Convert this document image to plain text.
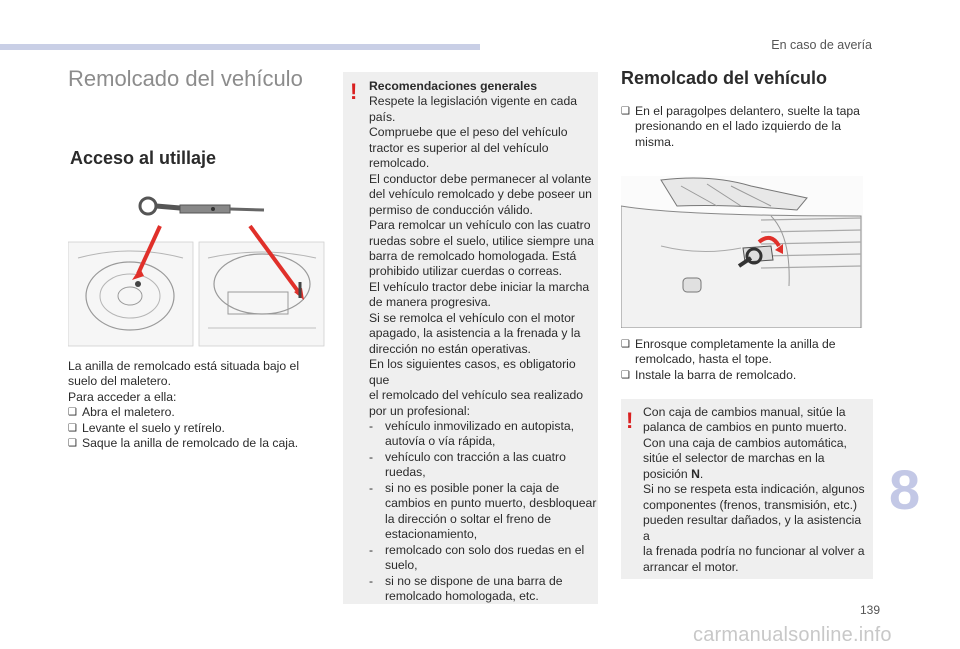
En caso de avería
Remolcado del vehículo
Acceso al utillaje
La anilla de remolcado está situada bajo el
suelo del maletero.
Para acceder a ella:
❑ Abra el maletero.
❑ Levante el suelo y retírelo.
❑ Saque la anilla de remolcado de la caja.
! Recomendaciones generales
Respete la legislación vigente en cada
país.
Compruebe que el peso del vehículo
tractor es superior al del vehículo
remolcado.
El conductor debe permanecer al volante
del vehículo remolcado y debe poseer un
permiso de conducción válido.
Para remolcar un vehículo con las cuatro
ruedas sobre el suelo, utilice siempre una
barra de remolcado homologada. Está
prohibido utilizar cuerdas o correas.
El vehículo tractor debe iniciar la marcha
de manera progresiva.
Si se remolca el vehículo con el motor
apagado, la asistencia a la frenada y la
dirección no están operativas.
En los siguientes casos, es obligatorio que
el remolcado del vehículo sea realizado
por un profesional:
- vehículo inmovilizado en autopista,
autovía o vía rápida,
- vehículo con tracción a las cuatro
ruedas,
- si no es posible poner la caja de
cambios en punto muerto, desbloquear
la dirección o soltar el freno de
estacionamiento,
- remolcado con solo dos ruedas en el
suelo,
- si no se dispone de una barra de
remolcado homologada, etc.
Remolcado del vehículo
❑ En el paragolpes delantero, suelte la tapa
presionando en el lado izquierdo de la
misma.
❑ Enrosque completamente la anilla de
remolcado, hasta el tope.
❑ Instale la barra de remolcado.
! Con caja de cambios manual, sitúe la
palanca de cambios en punto muerto.
Con una caja de cambios automática,
sitúe el selector de marchas en la
posición N.
Si no se respeta esta indicación, algunos
componentes (frenos, transmisión, etc.)
pueden resultar dañados, y la asistencia a
la frenada podría no funcionar al volver a
arrancar el motor.
8
139
carmanualsonline.info
